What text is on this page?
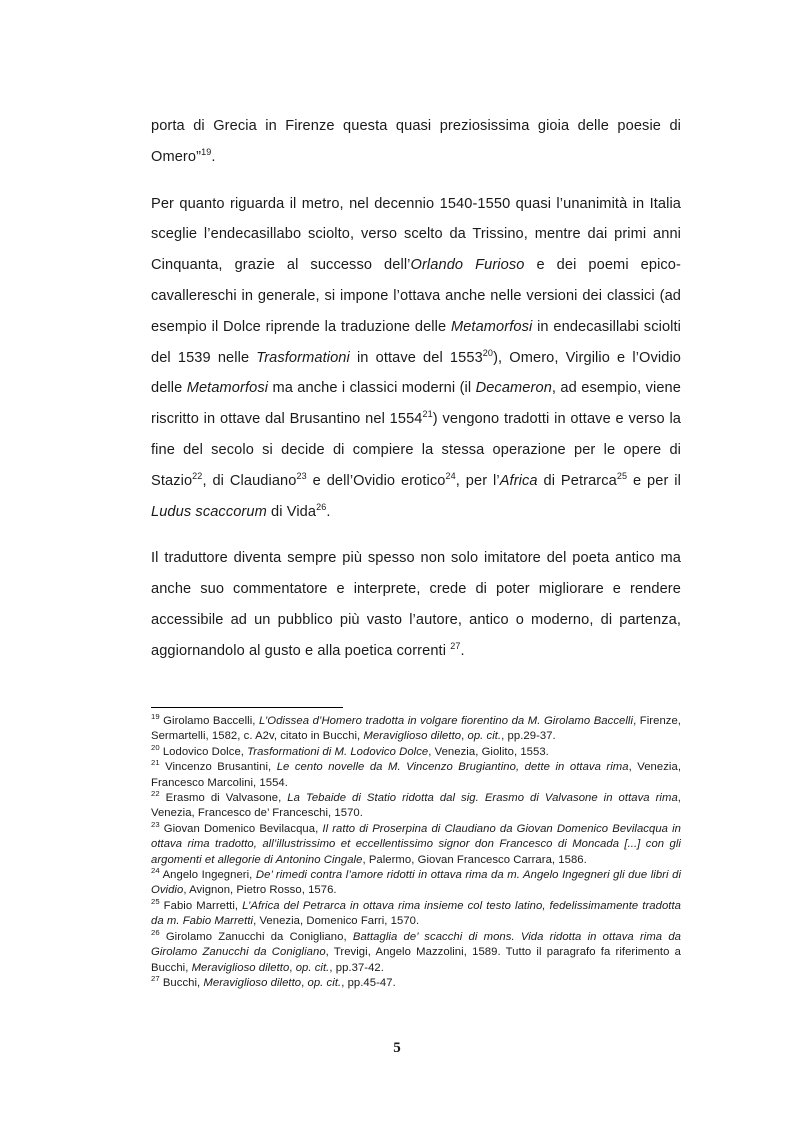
porta di Grecia in Firenze questa quasi preziosissima gioia delle poesie di Omero”$^{19}$.

Per quanto riguarda il metro, nel decennio 1540-1550 quasi l’unanimità in Italia sceglie l’endecasillabo sciolto, verso scelto da Trissino, mentre dai primi anni Cinquanta, grazie al successo dell’Orlando Furioso e dei poemi epico-cavallereschi in generale, si impone l’ottava anche nelle versioni dei classici (ad esempio il Dolce riprende la traduzione delle Metamorfosi in endecasillabi sciolti del 1539 nelle Trasformationi in ottave del 1553$^{20}$), Omero, Virgilio e l’Ovidio delle Metamorfosi ma anche i classici moderni (il Decameron, ad esempio, viene riscritto in ottave dal Brusantino nel 1554$^{21}$) vengono tradotti in ottave e verso la fine del secolo si decide di compiere la stessa operazione per le opere di Stazio$^{22}$, di Claudiano$^{23}$ e dell’Ovidio erotico$^{24}$, per l’Africa di Petrarca$^{25}$ e per il Ludus scaccorum di Vida$^{26}$.

Il traduttore diventa sempre più spesso non solo imitatore del poeta antico ma anche suo commentatore e interprete, crede di poter migliorare e rendere accessibile ad un pubblico più vasto l’autore, antico o moderno, di partenza, aggiornandolo al gusto e alla poetica correnti $^{27}$.

$^{19}$ Girolamo Baccelli, L’Odissea d’Homero tradotta in volgare fiorentino da M. Girolamo Baccelli, Firenze, Sermartelli, 1582, c. A2v, citato in Bucchi, Meraviglioso diletto, op. cit., pp.29-37.

$^{20}$ Lodovico Dolce, Trasformationi di M. Lodovico Dolce, Venezia, Giolito, 1553.

$^{21}$ Vincenzo Brusantini, Le cento novelle da M. Vincenzo Brugiantino, dette in ottava rima, Venezia, Francesco Marcolini, 1554.

$^{22}$ Erasmo di Valvasone, La Tebaide di Statio ridotta dal sig. Erasmo di Valvasone in ottava rima, Venezia, Francesco de’ Franceschi, 1570.

$^{23}$ Giovan Domenico Bevilacqua, Il ratto di Proserpina di Claudiano da Giovan Domenico Bevilacqua in ottava rima tradotto, all’illustrissimo et eccellentissimo signor don Francesco di Moncada [...] con gli argomenti et allegorie di Antonino Cingale, Palermo, Giovan Francesco Carrara, 1586.

$^{24}$ Angelo Ingegneri, De’ rimedi contra l’amore ridotti in ottava rima da m. Angelo Ingegneri gli due libri di Ovidio, Avignon, Pietro Rosso, 1576.

$^{25}$ Fabio Marretti, L’Africa del Petrarca in ottava rima insieme col testo latino, fedelissimamente tradotta da m. Fabio Marretti, Venezia, Domenico Farri, 1570.

$^{26}$ Girolamo Zanucchi da Conigliano, Battaglia de’ scacchi di mons. Vida ridotta in ottava rima da Girolamo Zanucchi da Conigliano, Trevigi, Angelo Mazzolini, 1589. Tutto il paragrafo fa riferimento a Bucchi, Meraviglioso diletto, op. cit., pp.37-42.

$^{27}$ Bucchi, Meraviglioso diletto, op. cit., pp.45-47.

5
